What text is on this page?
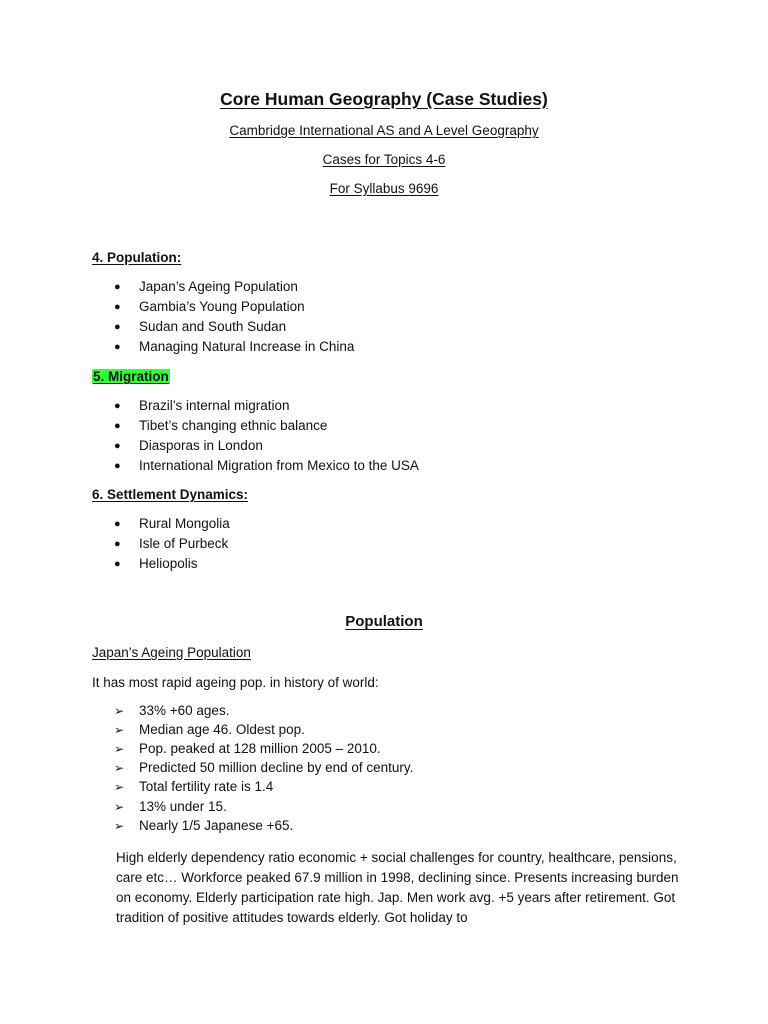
Core Human Geography (Case Studies)
Cambridge International AS and A Level Geography
Cases for Topics 4-6
For Syllabus 9696
4. Population:
● Japan’s Ageing Population
● Gambia’s Young Population
● Sudan and South Sudan
● Managing Natural Increase in China
5. Migration
● Brazil’s internal migration
● Tibet’s changing ethnic balance
● Diasporas in London
● International Migration from Mexico to the USA
6. Settlement Dynamics:
● Rural Mongolia
● Isle of Purbeck
● Heliopolis
Population
Japan’s Ageing Population
It has most rapid ageing pop. in history of world:
➢ 33% +60 ages.
➢ Median age 46. Oldest pop.
➢ Pop. peaked at 128 million 2005 – 2010.
➢ Predicted 50 million decline by end of century.
➢ Total fertility rate is 1.4
➢ 13% under 15.
➢ Nearly 1/5 Japanese +65.
High elderly dependency ratio economic + social challenges for country, healthcare, pensions, care etc… Workforce peaked 67.9 million in 1998, declining since. Presents increasing burden on economy. Elderly participation rate high. Jap. Men work avg. +5 years after retirement. Got tradition of positive attitudes towards elderly. Got holiday to
